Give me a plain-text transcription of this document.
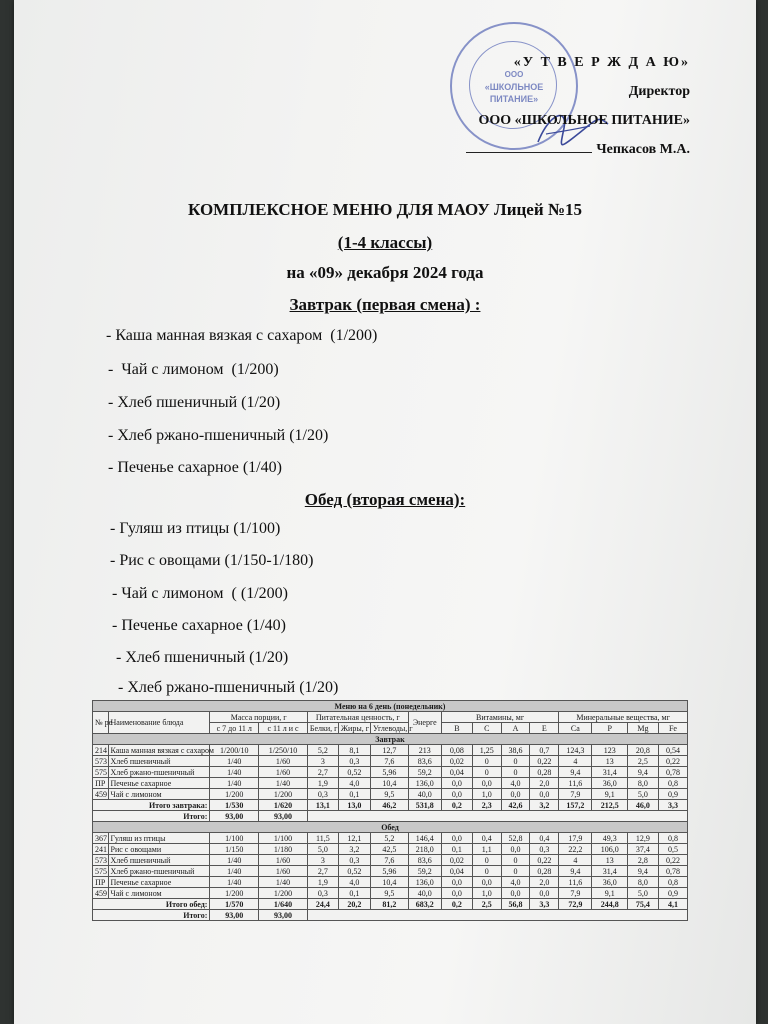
ООО
«ШКОЛЬНОЕ
ПИТАНИЕ»
«У Т В Е Р Ж Д А Ю»
Директор
ООО «ШКОЛЬНОЕ ПИТАНИЕ»
Чепкасов М.А.
КОМПЛЕКСНОЕ МЕНЮ ДЛЯ МАОУ Лицей №15
(1-4 классы)
на «09» декабря 2024 года
Завтрак (первая смена) :
- Каша манная вязкая с сахаром  (1/200)
-  Чай с лимоном  (1/200)
- Хлеб пшеничный (1/20)
- Хлеб ржано-пшеничный (1/20)
- Печенье сахарное (1/40)
Обед (вторая смена):
- Гуляш из птицы (1/100)
- Рис с овощами (1/150-1/180)
- Чай с лимоном  ( (1/200)
- Печенье сахарное (1/40)
- Хлеб пшеничный (1/20)
- Хлеб ржано-пшеничный (1/20)
Меню на 6 день (понедельник)															
№ ре	Наименование блюда	Масса порции, г		Питательная ценность, г			Энерге	Витамины, мг				Минеральные вещества, мг			
		с 7 до 11 л	с 11 л и с	Белки, г	Жиры, г	Углеводы, г		B	C	A	E	Ca	P	Mg	Fe
Завтрак															
214	Каша манная вязкая с сахаром	1/200/10	1/250/10	5,2	8,1	12,7	213	0,08	1,25	38,6	0,7	124,3	123	20,8	0,54
573	Хлеб пшеничный	1/40	1/60	3	0,3	7,6	83,6	0,02	0	0	0,22	4	13	2,5	0,22
575	Хлеб ржано-пшеничный	1/40	1/60	2,7	0,52	5,96	59,2	0,04	0	0	0,28	9,4	31,4	9,4	0,78
ПР	Печенье сахарное	1/40	1/40	1,9	4,0	10,4	136,0	0,0	0,0	4,0	2,0	11,6	36,0	8,0	0,8
459	Чай с лимоном	1/200	1/200	0,3	0,1	9,5	40,0	0,0	1,0	0,0	0,0	7,9	9,1	5,0	0,9
Итого завтрака:		1/530	1/620	13,1	13,0	46,2	531,8	0,2	2,3	42,6	3,2	157,2	212,5	46,0	3,3
Итого:		93,00	93,00												
Обед															
367	Гуляш из птицы	1/100	1/100	11,5	12,1	5,2	146,4	0,0	0,4	52,8	0,4	17,9	49,3	12,9	0,8
241	Рис с овощами	1/150	1/180	5,0	3,2	42,5	218,0	0,1	1,1	0,0	0,3	22,2	106,0	37,4	0,5
573	Хлеб пшеничный	1/40	1/60	3	0,3	7,6	83,6	0,02	0	0	0,22	4	13	2,8	0,22
575	Хлеб ржано-пшеничный	1/40	1/60	2,7	0,52	5,96	59,2	0,04	0	0	0,28	9,4	31,4	9,4	0,78
ПР	Печенье сахарное	1/40	1/40	1,9	4,0	10,4	136,0	0,0	0,0	4,0	2,0	11,6	36,0	8,0	0,8
459	Чай с лимоном	1/200	1/200	0,3	0,1	9,5	40,0	0,0	1,0	0,0	0,0	7,9	9,1	5,0	0,9
Итого обед:		1/570	1/640	24,4	20,2	81,2	683,2	0,2	2,5	56,8	3,3	72,9	244,8	75,4	4,1
Итого:		93,00	93,00												
